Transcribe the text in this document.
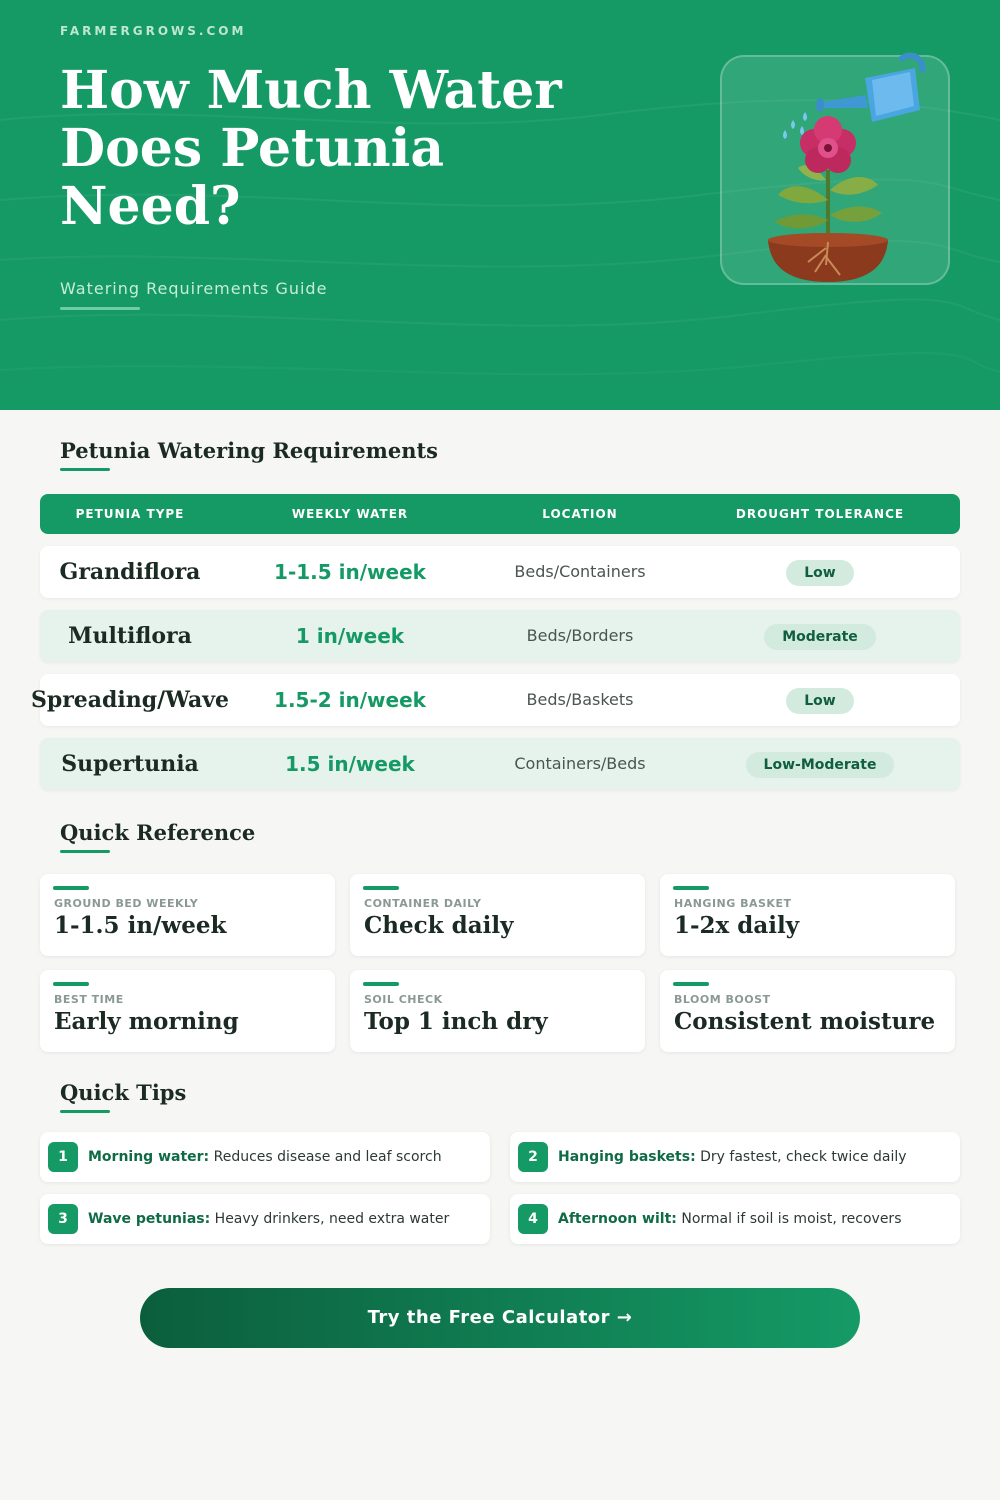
FARMERGROWS.COM
How Much Water Does Petunia Need?
Watering Requirements Guide
Petunia Watering Requirements
PETUNIA TYPE	WEEKLY WATER	LOCATION	DROUGHT TOLERANCE
Grandiflora	1-1.5 in/week	Beds/Containers	Low
Multiflora	1 in/week	Beds/Borders	Moderate
Spreading/Wave	1.5-2 in/week	Beds/Baskets	Low
Supertunia	1.5 in/week	Containers/Beds	Low-Moderate
Quick Reference
GROUND BED WEEKLY
1-1.5 in/week
CONTAINER DAILY
Check daily
HANGING BASKET
1-2x daily
BEST TIME
Early morning
SOIL CHECK
Top 1 inch dry
BLOOM BOOST
Consistent moisture
Quick Tips
1	Morning water: Reduces disease and leaf scorch	2	Hanging baskets: Dry fastest, check twice daily
3	Wave petunias: Heavy drinkers, need extra water	4	Afternoon wilt: Normal if soil is moist, recovers
Try the Free Calculator →
